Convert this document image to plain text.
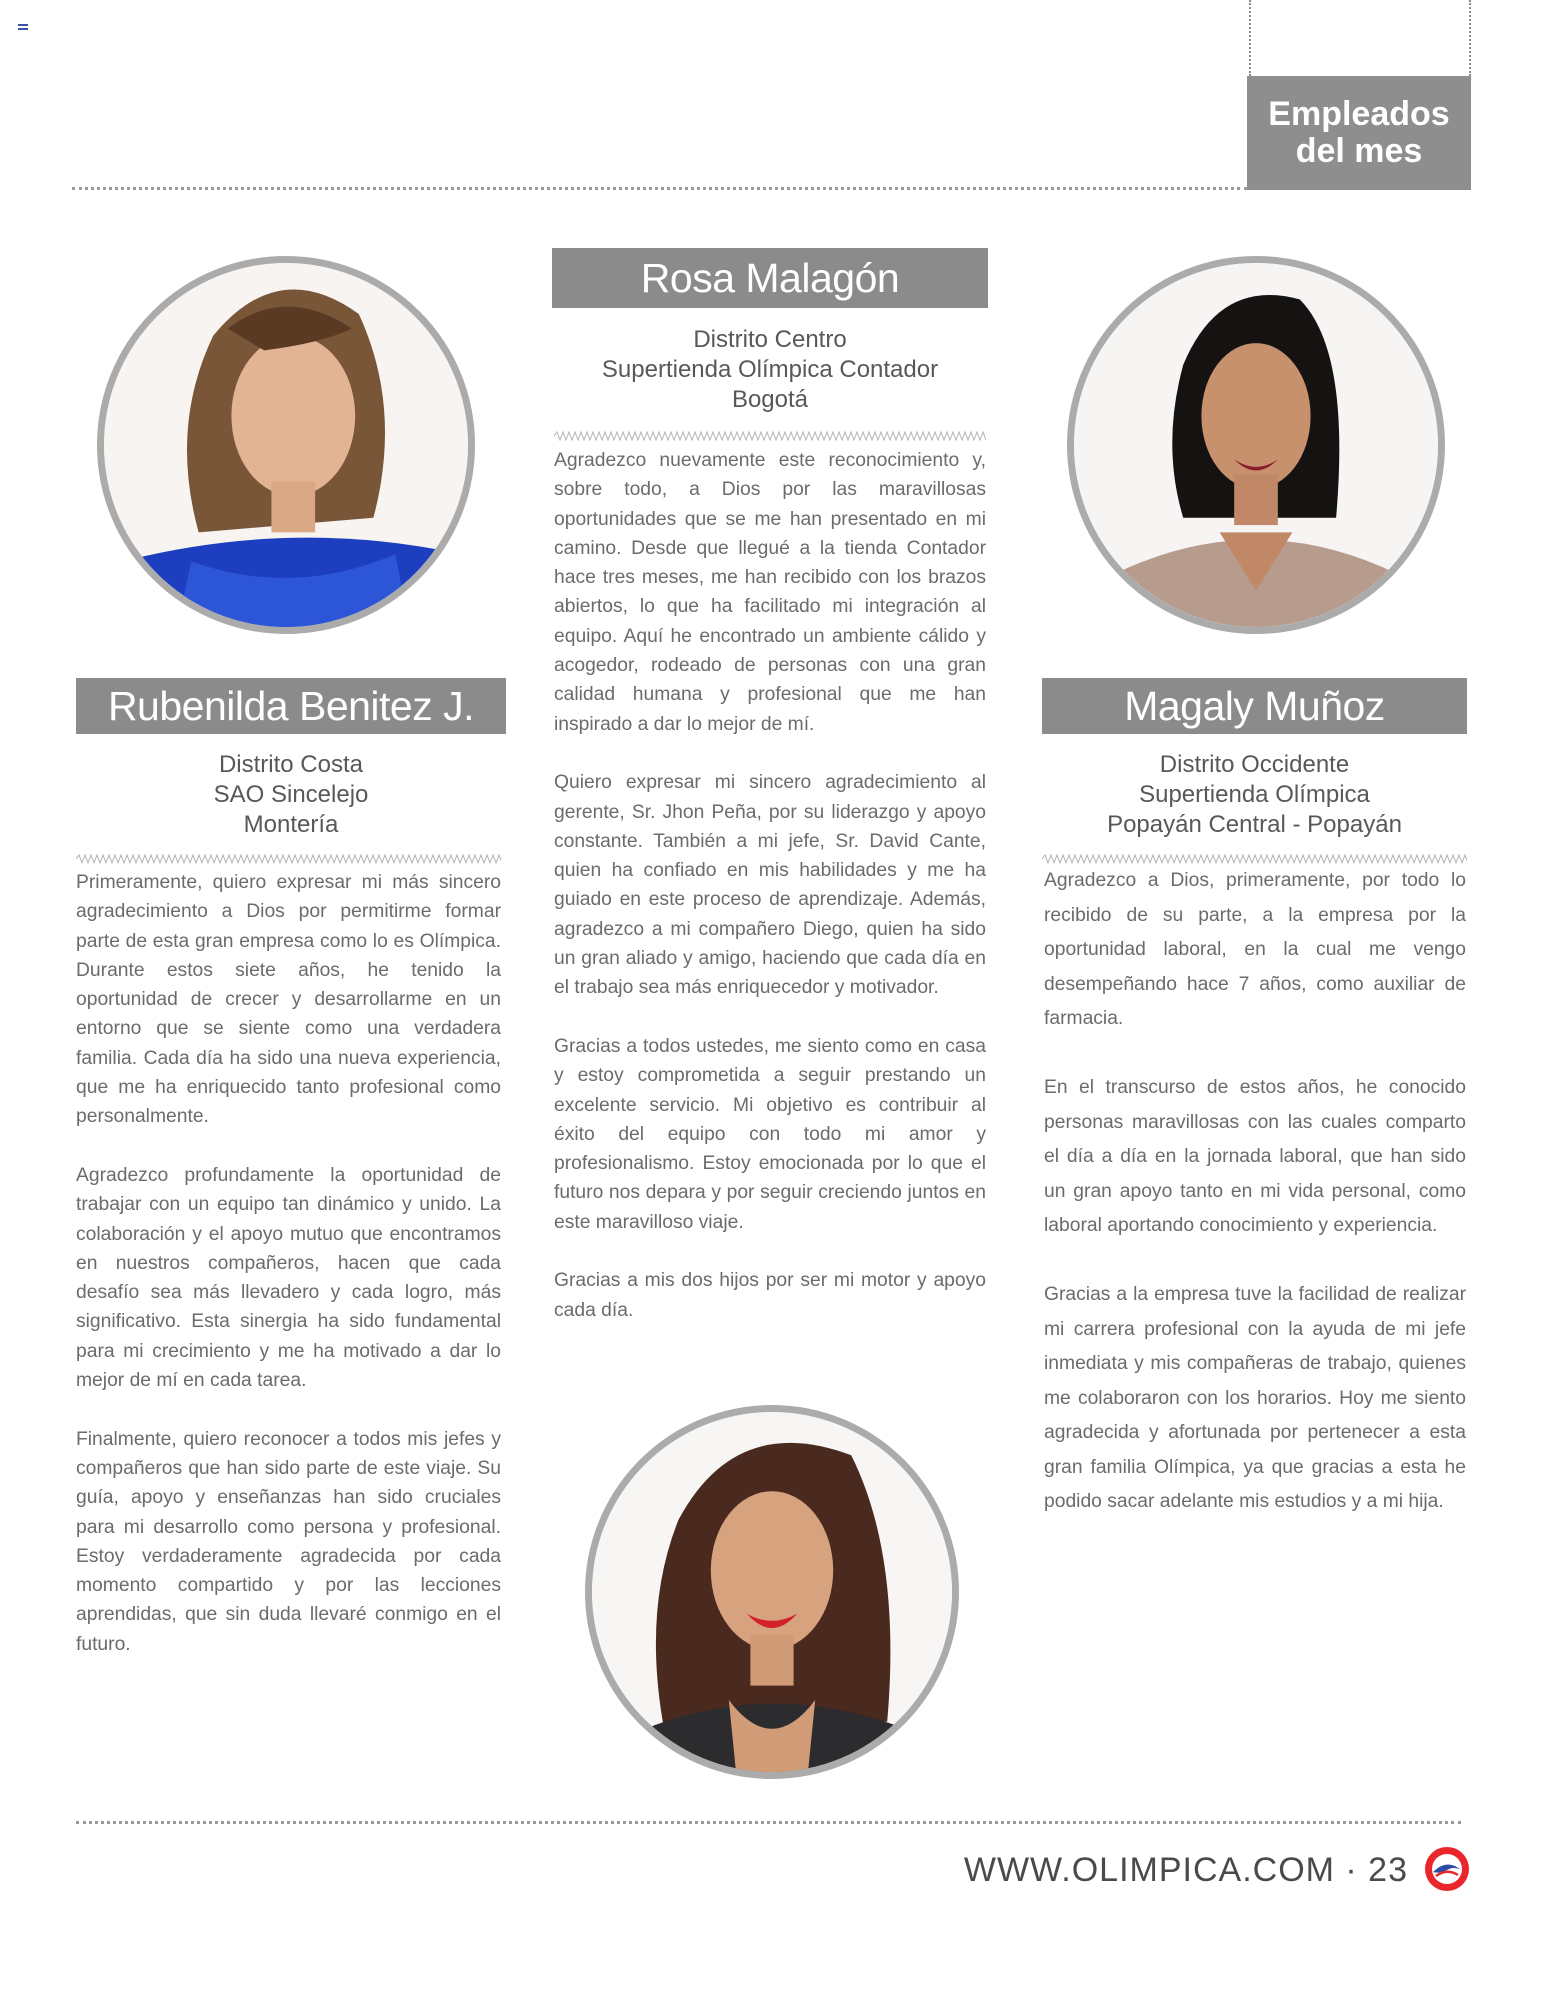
Empleados
del mes
Rubenilda Benitez J.
Distrito Costa
SAO Sincelejo
Montería

Primeramente, quiero expresar mi más sincero agradecimiento a Dios por permitirme formar parte de esta gran empresa como lo es Olímpica. Durante estos siete años, he tenido la oportunidad de crecer y desarrollarme en un entorno que se siente como una verdadera familia. Cada día ha sido una nueva experiencia, que me ha enriquecido tanto profesional como personalmente.

Agradezco profundamente la oportunidad de trabajar con un equipo tan dinámico y unido. La colaboración y el apoyo mutuo que encontramos en nuestros compañeros, hacen que cada desafío sea más llevadero y cada logro, más significativo. Esta sinergia ha sido fundamental para mi crecimiento y me ha motivado a dar lo mejor de mí en cada tarea.

Finalmente, quiero reconocer a todos mis jefes y compañeros que han sido parte de este viaje. Su guía, apoyo y enseñanzas han sido cruciales para mi desarrollo como persona y profesional. Estoy verdaderamente agradecida por cada momento compartido y por las lecciones aprendidas, que sin duda llevaré conmigo en el futuro.

Rosa Malagón
Distrito Centro
Supertienda Olímpica Contador
Bogotá

Agradezco nuevamente este reconocimiento y, sobre todo, a Dios por las maravillosas oportunidades que se me han presentado en mi camino. Desde que llegué a la tienda Contador hace tres meses, me han recibido con los brazos abiertos, lo que ha facilitado mi integración al equipo. Aquí he encontrado un ambiente cálido y acogedor, rodeado de personas con una gran calidad humana y profesional que me han inspirado a dar lo mejor de mí.

Quiero expresar mi sincero agradecimiento al gerente, Sr. Jhon Peña, por su liderazgo y apoyo constante. También a mi jefe, Sr. David Cante, quien ha confiado en mis habilidades y me ha guiado en este proceso de aprendizaje. Además, agradezco a mi compañero Diego, quien ha sido un gran aliado y amigo, haciendo que cada día en el trabajo sea más enriquecedor y motivador.

Gracias a todos ustedes, me siento como en casa y estoy comprometida a seguir prestando un excelente servicio. Mi objetivo es contribuir al éxito del equipo con todo mi amor y profesionalismo. Estoy emocionada por lo que el futuro nos depara y por seguir creciendo juntos en este maravilloso viaje.

Gracias a mis dos hijos por ser mi motor y apoyo cada día.

Magaly Muñoz
Distrito Occidente
Supertienda Olímpica
Popayán Central - Popayán

Agradezco a Dios, primeramente, por todo lo recibido de su parte, a la empresa por la oportunidad laboral, en la cual me vengo desempeñando hace 7 años, como auxiliar de farmacia.

En el transcurso de estos años, he conocido personas maravillosas con las cuales comparto el día a día en la jornada laboral, que han sido un gran apoyo tanto en mi vida personal, como laboral aportando conocimiento y experiencia.

Gracias a la empresa tuve la facilidad de realizar mi carrera profesional con la ayuda de mi jefe inmediata y mis compañeras de trabajo, quienes me colaboraron con los horarios. Hoy me siento agradecida y afortunada por pertenecer a esta gran familia Olímpica, ya que gracias a esta he podido sacar adelante mis estudios y a mi hija.

WWW.OLIMPICA.COM · 23
